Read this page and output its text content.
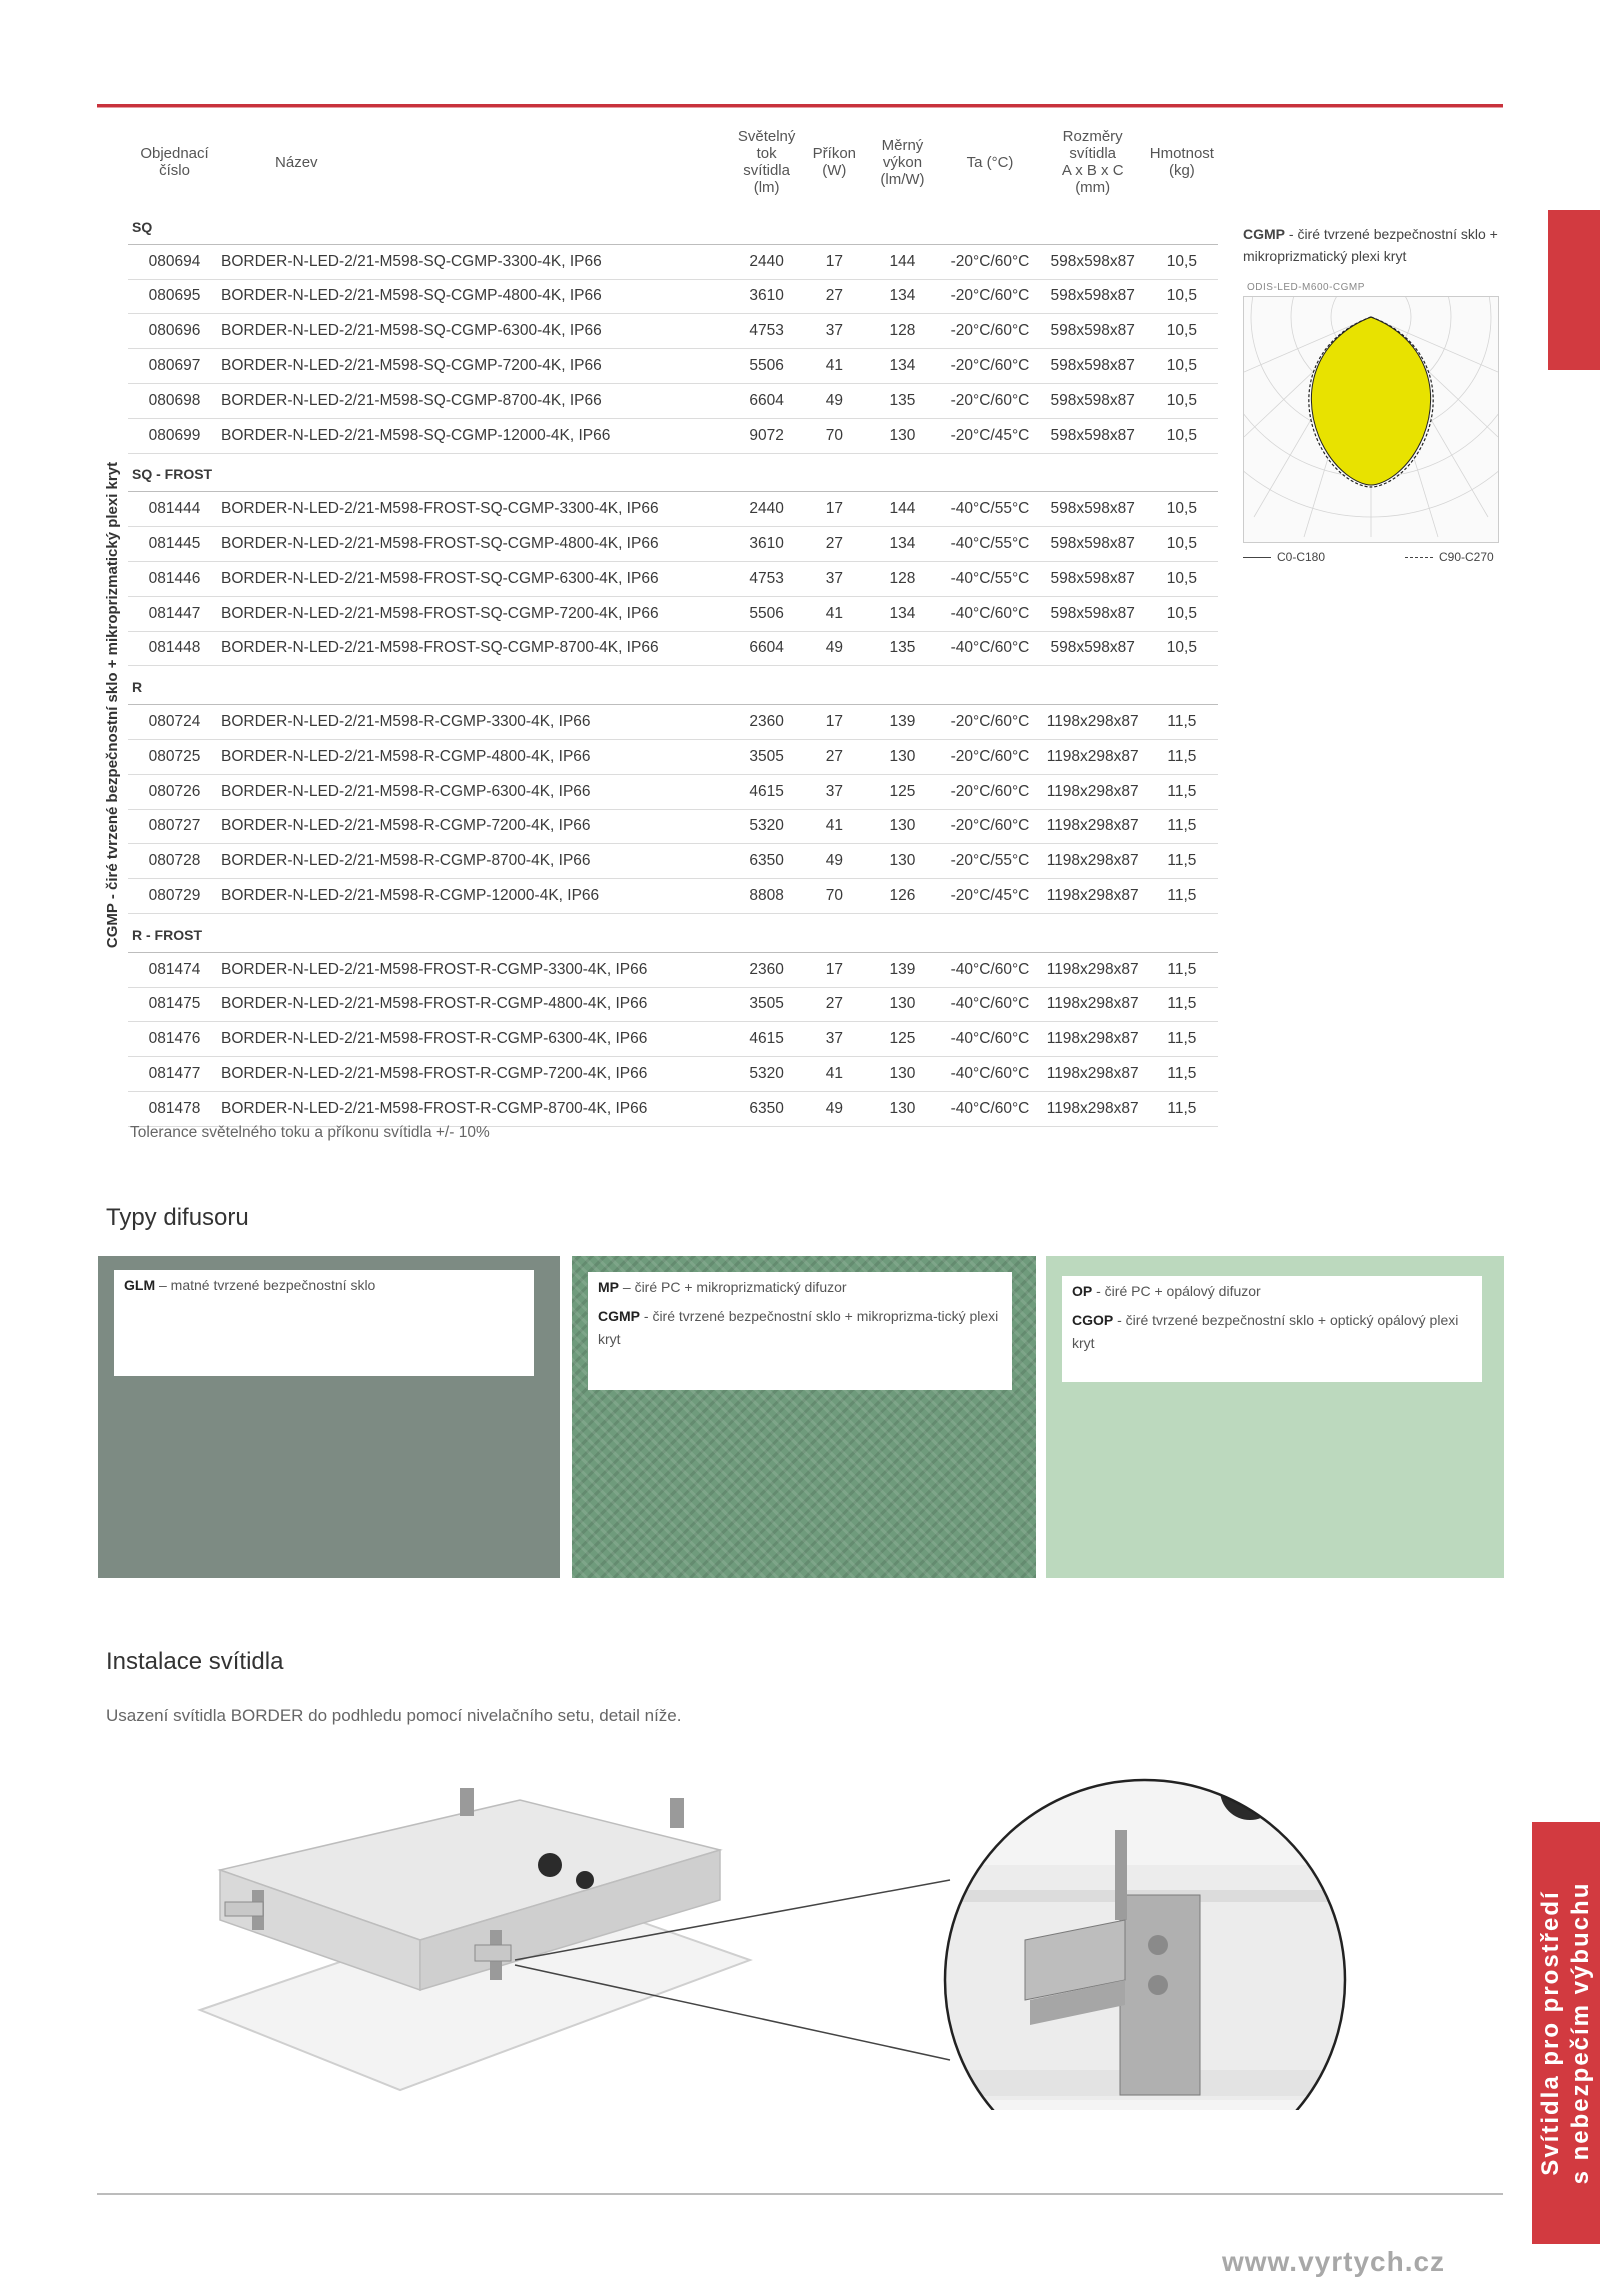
CGMP - čiré tvrzené bezpečnostní sklo + mikroprizmatický plexi kryt
Objednací
číslo	Název	Světelný
tok svítidla
(lm)	Příkon
(W)	Měrný
výkon
(lm/W)	Ta (°C)	Rozměry
svítidla
A x B x C
(mm)	Hmotnost
(kg)
SQ							
080694	BORDER-N-LED-2/21-M598-SQ-CGMP-3300-4K, IP66	2440	17	144	-20°C/60°C	598x598x87	10,5
080695	BORDER-N-LED-2/21-M598-SQ-CGMP-4800-4K, IP66	3610	27	134	-20°C/60°C	598x598x87	10,5
080696	BORDER-N-LED-2/21-M598-SQ-CGMP-6300-4K, IP66	4753	37	128	-20°C/60°C	598x598x87	10,5
080697	BORDER-N-LED-2/21-M598-SQ-CGMP-7200-4K, IP66	5506	41	134	-20°C/60°C	598x598x87	10,5
080698	BORDER-N-LED-2/21-M598-SQ-CGMP-8700-4K, IP66	6604	49	135	-20°C/60°C	598x598x87	10,5
080699	BORDER-N-LED-2/21-M598-SQ-CGMP-12000-4K, IP66	9072	70	130	-20°C/45°C	598x598x87	10,5
SQ - FROST							
081444	BORDER-N-LED-2/21-M598-FROST-SQ-CGMP-3300-4K, IP66	2440	17	144	-40°C/55°C	598x598x87	10,5
081445	BORDER-N-LED-2/21-M598-FROST-SQ-CGMP-4800-4K, IP66	3610	27	134	-40°C/55°C	598x598x87	10,5
081446	BORDER-N-LED-2/21-M598-FROST-SQ-CGMP-6300-4K, IP66	4753	37	128	-40°C/55°C	598x598x87	10,5
081447	BORDER-N-LED-2/21-M598-FROST-SQ-CGMP-7200-4K, IP66	5506	41	134	-40°C/60°C	598x598x87	10,5
081448	BORDER-N-LED-2/21-M598-FROST-SQ-CGMP-8700-4K, IP66	6604	49	135	-40°C/60°C	598x598x87	10,5
R							
080724	BORDER-N-LED-2/21-M598-R-CGMP-3300-4K, IP66	2360	17	139	-20°C/60°C	1198x298x87	11,5
080725	BORDER-N-LED-2/21-M598-R-CGMP-4800-4K, IP66	3505	27	130	-20°C/60°C	1198x298x87	11,5
080726	BORDER-N-LED-2/21-M598-R-CGMP-6300-4K, IP66	4615	37	125	-20°C/60°C	1198x298x87	11,5
080727	BORDER-N-LED-2/21-M598-R-CGMP-7200-4K, IP66	5320	41	130	-20°C/60°C	1198x298x87	11,5
080728	BORDER-N-LED-2/21-M598-R-CGMP-8700-4K, IP66	6350	49	130	-20°C/55°C	1198x298x87	11,5
080729	BORDER-N-LED-2/21-M598-R-CGMP-12000-4K, IP66	8808	70	126	-20°C/45°C	1198x298x87	11,5
R - FROST							
081474	BORDER-N-LED-2/21-M598-FROST-R-CGMP-3300-4K, IP66	2360	17	139	-40°C/60°C	1198x298x87	11,5
081475	BORDER-N-LED-2/21-M598-FROST-R-CGMP-4800-4K, IP66	3505	27	130	-40°C/60°C	1198x298x87	11,5
081476	BORDER-N-LED-2/21-M598-FROST-R-CGMP-6300-4K, IP66	4615	37	125	-40°C/60°C	1198x298x87	11,5
081477	BORDER-N-LED-2/21-M598-FROST-R-CGMP-7200-4K, IP66	5320	41	130	-40°C/60°C	1198x298x87	11,5
081478	BORDER-N-LED-2/21-M598-FROST-R-CGMP-8700-4K, IP66	6350	49	130	-40°C/60°C	1198x298x87	11,5
Tolerance světelného toku a příkonu svítidla +/- 10%
CGMP - čiré tvrzené bezpečnostní sklo + mikroprizmatický plexi kryt
ODIS-LED-M600-CGMP
C0-C180	C90-C270
Typy difusoru
GLM – matné tvrzené bezpečnostní sklo	MP – čiré PC + mikroprizmatický difuzor
CGMP - čiré tvrzené bezpečnostní sklo + mikroprizma-tický plexi kryt
OP - čiré PC + opálový difuzor
CGOP - čiré tvrzené bezpečnostní sklo + optický opálový plexi kryt
Instalace svítidla
Usazení svítidla BORDER do podhledu pomocí nivelačního setu, detail níže.
Svítidla pro prostředí s nebezpečím výbuchu
www.vyrtych.cz
